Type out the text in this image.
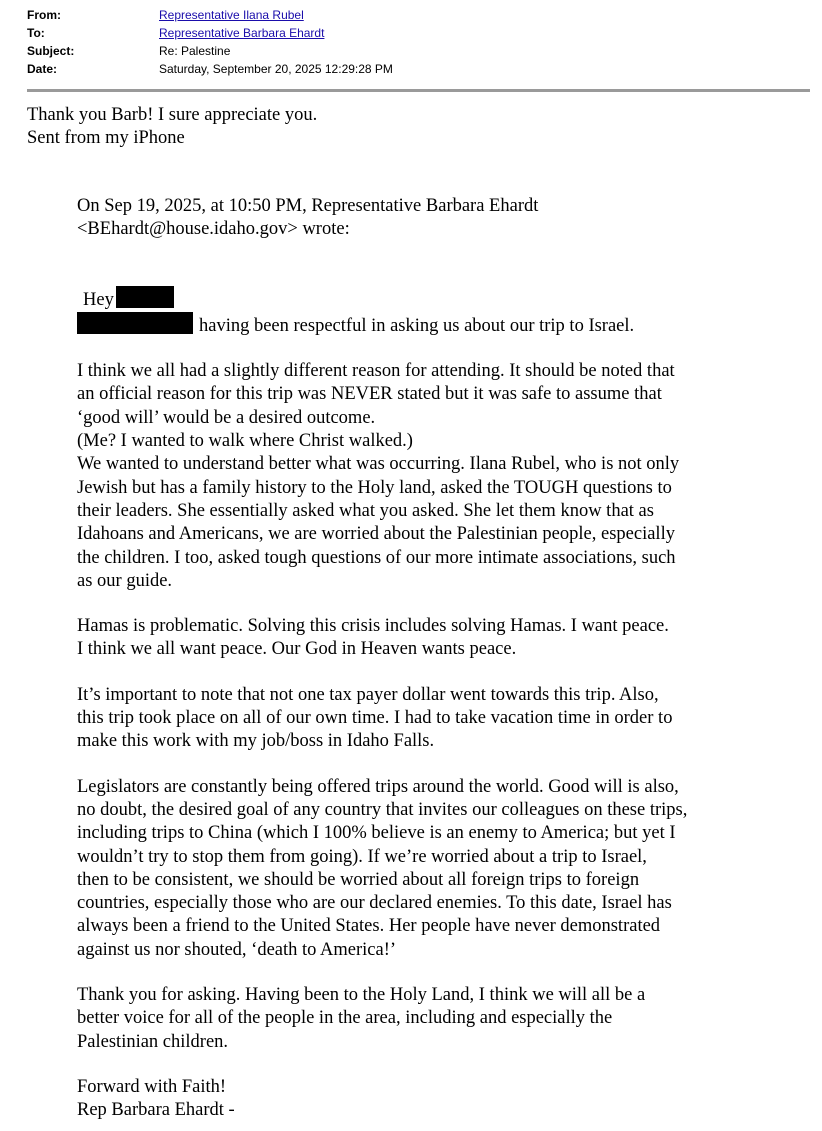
From:	Representative Ilana Rubel
To:	Representative Barbara Ehardt
Subject:	Re: Palestine
Date:	Saturday, September 20, 2025 12:29:28 PM
Thank you Barb! I sure appreciate you.
Sent from my iPhone
On Sep 19, 2025, at 10:50 PM, Representative Barbara Ehardt
<BEhardt@house.idaho.gov> wrote:
Hey
having been respectful in asking us about our trip to Israel.
I think we all had a slightly different reason for attending. It should be noted that
an official reason for this trip was NEVER stated but it was safe to assume that
‘good will’ would be a desired outcome.
(Me? I wanted to walk where Christ walked.)
We wanted to understand better what was occurring. Ilana Rubel, who is not only
Jewish but has a family history to the Holy land, asked the TOUGH questions to
their leaders. She essentially asked what you asked. She let them know that as
Idahoans and Americans, we are worried about the Palestinian people, especially
the children. I too, asked tough questions of our more intimate associations, such
as our guide.
Hamas is problematic. Solving this crisis includes solving Hamas. I want peace.
I think we all want peace. Our God in Heaven wants peace.
It’s important to note that not one tax payer dollar went towards this trip. Also,
this trip took place on all of our own time. I had to take vacation time in order to
make this work with my job/boss in Idaho Falls.
Legislators are constantly being offered trips around the world. Good will is also,
no doubt, the desired goal of any country that invites our colleagues on these trips,
including trips to China (which I 100% believe is an enemy to America; but yet I
wouldn’t try to stop them from going). If we’re worried about a trip to Israel,
then to be consistent, we should be worried about all foreign trips to foreign
countries, especially those who are our declared enemies. To this date, Israel has
always been a friend to the United States. Her people have never demonstrated
against us nor shouted, ‘death to America!’
Thank you for asking. Having been to the Holy Land, I think we will all be a
better voice for all of the people in the area, including and especially the
Palestinian children.
Forward with Faith!
Rep Barbara Ehardt -
